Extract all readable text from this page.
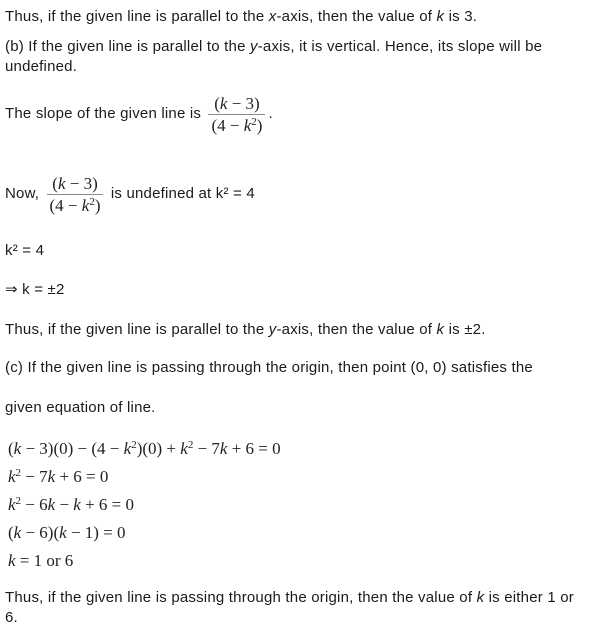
Thus, if the given line is parallel to the x-axis, then the value of k is 3.
(b) If the given line is parallel to the y-axis, it is vertical. Hence, its slope will be
undefined.
The slope of the given line is $\frac{(k - 3)}{(4 - k^2)}$ .
Now, $\frac{(k - 3)}{(4 - k^2)}$ is undefined at k² = 4
k² = 4
⇒ k = ±2
Thus, if the given line is parallel to the y-axis, then the value of k is ±2.
(c) If the given line is passing through the origin, then point (0, 0) satisfies the
given equation of line.
$(k - 3)(0) - (4 - k^2)(0) + k^2 - 7k + 6 = 0$
$k^2 - 7k + 6 = 0$
$k^2 - 6k - k + 6 = 0$
(k − 6)(k − 1) = 0
k = 1 or 6
Thus, if the given line is passing through the origin, then the value of k is either 1 or
6.
